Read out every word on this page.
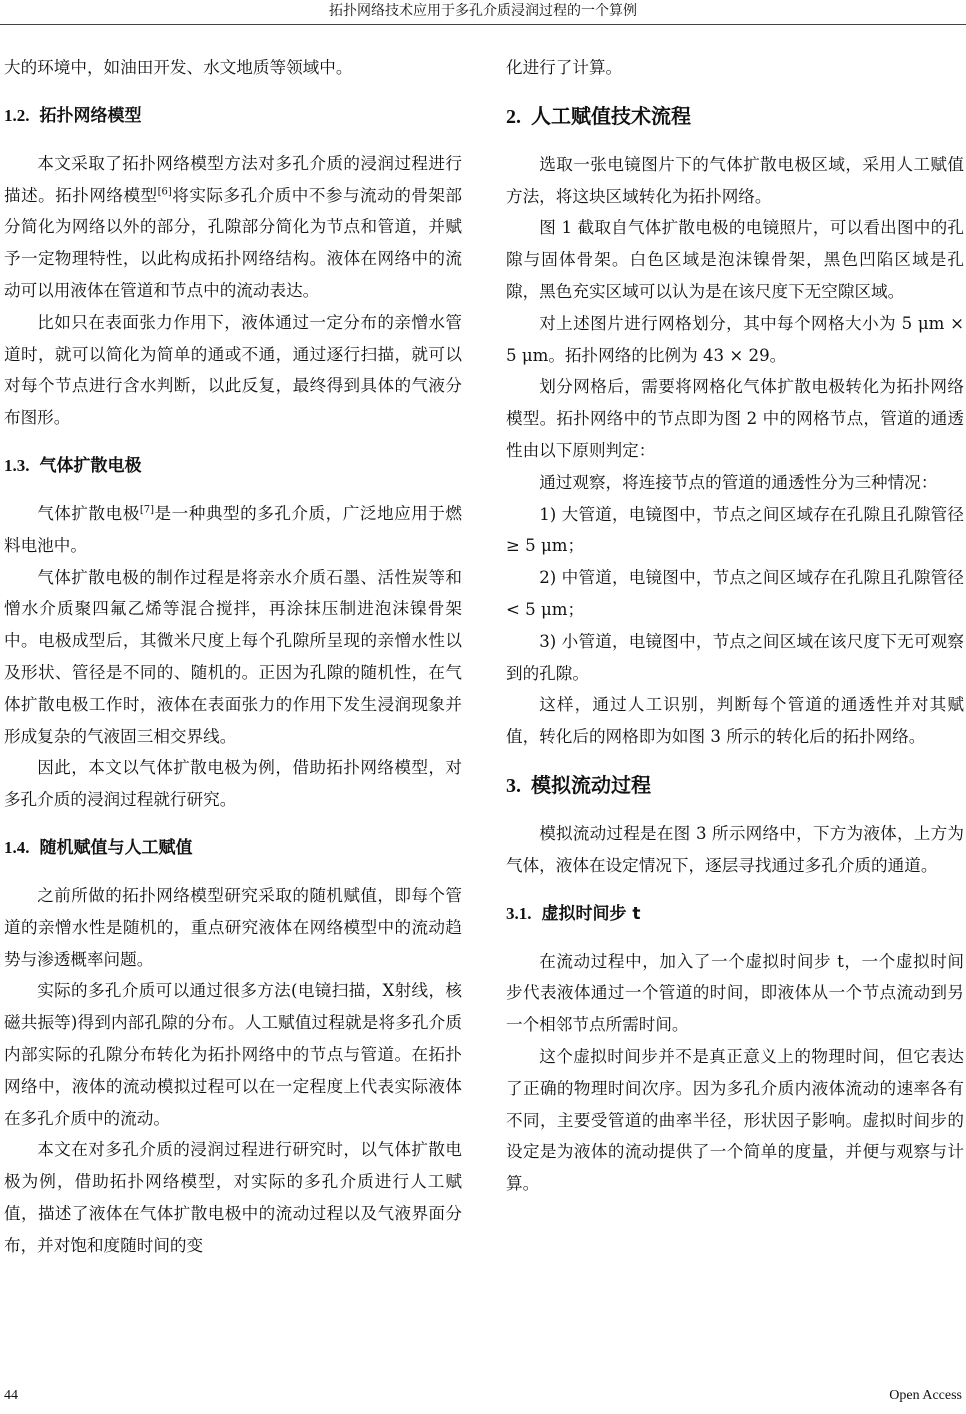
拓扑网络技术应用于多孔介质浸润过程的一个算例

大的环境中，如油田开发、水文地质等领域中。

1.2. 拓扑网络模型

本文采取了拓扑网络模型方法对多孔介质的浸润过程进行描述。拓扑网络模型[6]将实际多孔介质中不参与流动的骨架部分简化为网络以外的部分，孔隙部分简化为节点和管道，并赋予一定物理特性，以此构成拓扑网络结构。液体在网络中的流动可以用液体在管道和节点中的流动表达。

比如只在表面张力作用下，液体通过一定分布的亲憎水管道时，就可以简化为简单的通或不通，通过逐行扫描，就可以对每个节点进行含水判断，以此反复，最终得到具体的气液分布图形。

1.3. 气体扩散电极

气体扩散电极[7]是一种典型的多孔介质，广泛地应用于燃料电池中。

气体扩散电极的制作过程是将亲水介质石墨、活性炭等和憎水介质聚四氟乙烯等混合搅拌，再涂抹压制进泡沫镍骨架中。电极成型后，其微米尺度上每个孔隙所呈现的亲憎水性以及形状、管径是不同的、随机的。正因为孔隙的随机性，在气体扩散电极工作时，液体在表面张力的作用下发生浸润现象并形成复杂的气液固三相交界线。

因此，本文以气体扩散电极为例，借助拓扑网络模型，对多孔介质的浸润过程就行研究。

1.4. 随机赋值与人工赋值

之前所做的拓扑网络模型研究采取的随机赋值，即每个管道的亲憎水性是随机的，重点研究液体在网络模型中的流动趋势与渗透概率问题。

实际的多孔介质可以通过很多方法(电镜扫描，X射线，核磁共振等)得到内部孔隙的分布。人工赋值过程就是将多孔介质内部实际的孔隙分布转化为拓扑网络中的节点与管道。在拓扑网络中，液体的流动模拟过程可以在一定程度上代表实际液体在多孔介质中的流动。

本文在对多孔介质的浸润过程进行研究时，以气体扩散电极为例，借助拓扑网络模型，对实际的多孔介质进行人工赋值，描述了液体在气体扩散电极中的流动过程以及气液界面分布，并对饱和度随时间的变

化进行了计算。

2. 人工赋值技术流程

选取一张电镜图片下的气体扩散电极区域，采用人工赋值方法，将这块区域转化为拓扑网络。

图 1 截取自气体扩散电极的电镜照片，可以看出图中的孔隙与固体骨架。白色区域是泡沫镍骨架，黑色凹陷区域是孔隙，黑色充实区域可以认为是在该尺度下无空隙区域。

对上述图片进行网格划分，其中每个网格大小为 5 μm × 5 μm。拓扑网络的比例为 43 × 29。

划分网格后，需要将网格化气体扩散电极转化为拓扑网络模型。拓扑网络中的节点即为图 2 中的网格节点，管道的通透性由以下原则判定：

通过观察，将连接节点的管道的通透性分为三种情况：

1) 大管道，电镜图中，节点之间区域存在孔隙且孔隙管径 ≥ 5 μm；

2) 中管道，电镜图中，节点之间区域存在孔隙且孔隙管径 < 5 μm；

3) 小管道，电镜图中，节点之间区域在该尺度下无可观察到的孔隙。

这样，通过人工识别，判断每个管道的通透性并对其赋值，转化后的网格即为如图 3 所示的转化后的拓扑网络。

3. 模拟流动过程

模拟流动过程是在图 3 所示网络中，下方为液体，上方为气体，液体在设定情况下，逐层寻找通过多孔介质的通道。

3.1. 虚拟时间步 t

在流动过程中，加入了一个虚拟时间步 t，一个虚拟时间步代表液体通过一个管道的时间，即液体从一个节点流动到另一个相邻节点所需时间。

这个虚拟时间步并不是真正意义上的物理时间，但它表达了正确的物理时间次序。因为多孔介质内液体流动的速率各有不同，主要受管道的曲率半径，形状因子影响。虚拟时间步的设定是为液体的流动提供了一个简单的度量，并便与观察与计算。

44	Open Access
